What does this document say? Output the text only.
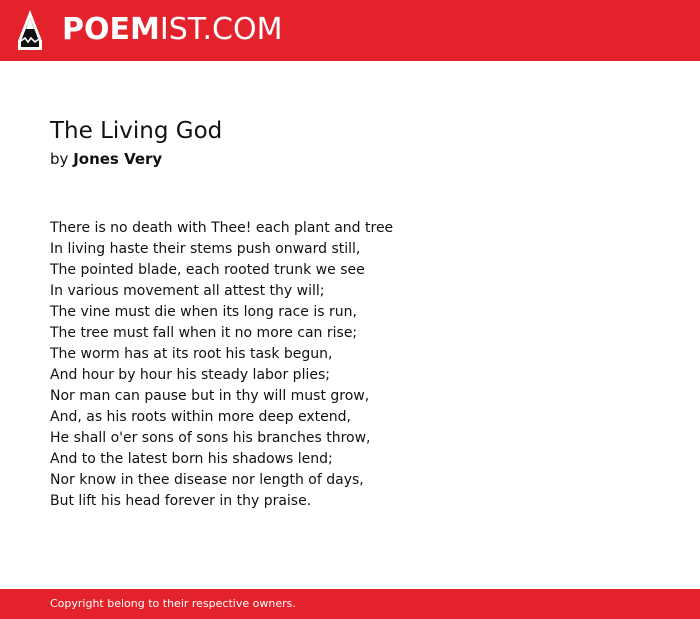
POEMIST.COM
The Living God
by Jones Very
There is no death with Thee! each plant and tree
In living haste their stems push onward still,
The pointed blade, each rooted trunk we see
In various movement all attest thy will;
The vine must die when its long race is run,
The tree must fall when it no more can rise;
The worm has at its root his task begun,
And hour by hour his steady labor plies;
Nor man can pause but in thy will must grow,
And, as his roots within more deep extend,
He shall o'er sons of sons his branches throw,
And to the latest born his shadows lend;
Nor know in thee disease nor length of days,
But lift his head forever in thy praise.
Copyright belong to their respective owners.
